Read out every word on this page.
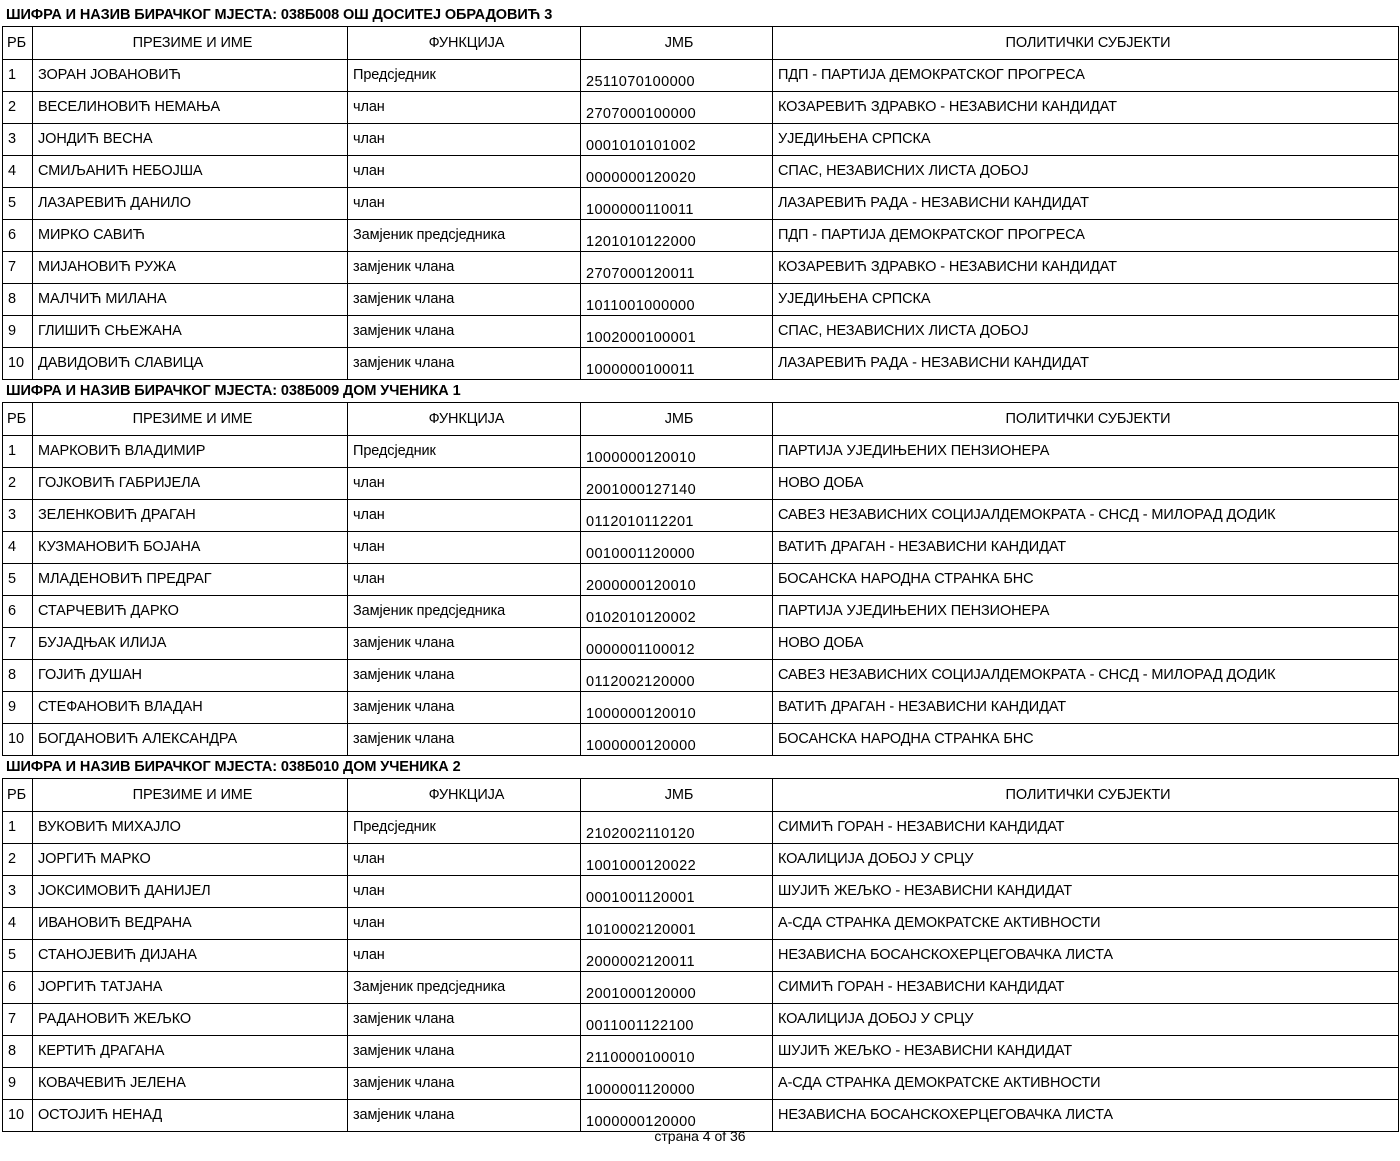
ШИФРА И НАЗИВ БИРАЧКОГ МЈЕСТА: 038Б008 ОШ ДОСИТЕЈ ОБРАДОВИЋ 3
РБ	ПРЕЗИМЕ И ИМЕ	ФУНКЦИЈА	ЈМБ	ПОЛИТИЧКИ СУБЈЕКТИ
1	ЗОРАН ЈОВАНОВИЋ	Предсједник	2511070100000	ПДП - ПАРТИЈА ДЕМОКРАТСКОГ ПРОГРЕСА
2	ВЕСЕЛИНОВИЋ НЕМАЊА	члан	2707000100000	КОЗАРЕВИЋ ЗДРАВКО - НЕЗАВИСНИ КАНДИДАТ
3	ЈОНДИЋ ВЕСНА	члан	0001010101002	УЈЕДИЊЕНА СРПСКА
4	СМИЉАНИЋ НЕБОЈША	члан	0000000120020	СПАС, НЕЗАВИСНИХ ЛИСТА ДОБОЈ
5	ЛАЗАРЕВИЋ ДАНИЛО	члан	1000000110011	ЛАЗАРЕВИЋ РАДА - НЕЗАВИСНИ КАНДИДАТ
6	МИРКО САВИЋ	Замјеник предсједника	1201010122000	ПДП - ПАРТИЈА ДЕМОКРАТСКОГ ПРОГРЕСА
7	МИЈАНОВИЋ РУЖА	замјеник члана	2707000120011	КОЗАРЕВИЋ ЗДРАВКО - НЕЗАВИСНИ КАНДИДАТ
8	МАЛЧИЋ МИЛАНА	замјеник члана	1011001000000	УЈЕДИЊЕНА СРПСКА
9	ГЛИШИЋ СЊЕЖАНА	замјеник члана	1002000100001	СПАС, НЕЗАВИСНИХ ЛИСТА ДОБОЈ
10	ДАВИДОВИЋ СЛАВИЦА	замјеник члана	1000000100011	ЛАЗАРЕВИЋ РАДА - НЕЗАВИСНИ КАНДИДАТ
ШИФРА И НАЗИВ БИРАЧКОГ МЈЕСТА: 038Б009 ДОМ УЧЕНИКА 1
РБ	ПРЕЗИМЕ И ИМЕ	ФУНКЦИЈА	ЈМБ	ПОЛИТИЧКИ СУБЈЕКТИ
1	МАРКОВИЋ ВЛАДИМИР	Предсједник	1000000120010	ПАРТИЈА УЈЕДИЊЕНИХ ПЕНЗИОНЕРА
2	ГОЈКОВИЋ ГАБРИЈЕЛА	члан	2001000127140	НОВО ДОБА
3	ЗЕЛЕНКОВИЋ ДРАГАН	члан	0112010112201	САВЕЗ НЕЗАВИСНИХ СОЦИЈАЛДЕМОКРАТА - СНСД - МИЛОРАД ДОДИК
4	КУЗМАНОВИЋ БОЈАНА	члан	0010001120000	ВАТИЋ ДРАГАН - НЕЗАВИСНИ КАНДИДАТ
5	МЛАДЕНОВИЋ ПРЕДРАГ	члан	2000000120010	БОСАНСКА НАРОДНА СТРАНКА БНС
6	СТАРЧЕВИЋ ДАРКО	Замјеник предсједника	0102010120002	ПАРТИЈА УЈЕДИЊЕНИХ ПЕНЗИОНЕРА
7	БУЈАДЊАК ИЛИЈА	замјеник члана	0000001100012	НОВО ДОБА
8	ГОЈИЋ ДУШАН	замјеник члана	0112002120000	САВЕЗ НЕЗАВИСНИХ СОЦИЈАЛДЕМОКРАТА - СНСД - МИЛОРАД ДОДИК
9	СТЕФАНОВИЋ ВЛАДАН	замјеник члана	1000000120010	ВАТИЋ ДРАГАН - НЕЗАВИСНИ КАНДИДАТ
10	БОГДАНОВИЋ АЛЕКСАНДРА	замјеник члана	1000000120000	БОСАНСКА НАРОДНА СТРАНКА БНС
ШИФРА И НАЗИВ БИРАЧКОГ МЈЕСТА: 038Б010 ДОМ УЧЕНИКА 2
РБ	ПРЕЗИМЕ И ИМЕ	ФУНКЦИЈА	ЈМБ	ПОЛИТИЧКИ СУБЈЕКТИ
1	ВУКОВИЋ МИХАЈЛО	Предсједник	2102002110120	СИМИЋ ГОРАН - НЕЗАВИСНИ КАНДИДАТ
2	ЈОРГИЋ МАРКО	члан	1001000120022	КОАЛИЦИЈА ДОБОЈ У СРЦУ
3	ЈОКСИМОВИЋ ДАНИЈЕЛ	члан	0001001120001	ШУЈИЋ ЖЕЉКО - НЕЗАВИСНИ КАНДИДАТ
4	ИВАНОВИЋ ВЕДРАНА	члан	1010002120001	А-СДА СТРАНКА ДЕМОКРАТСКЕ АКТИВНОСТИ
5	СТАНОЈЕВИЋ ДИЈАНА	члан	2000002120011	НЕЗАВИСНА БОСАНСКОХЕРЦЕГОВАЧКА ЛИСТА
6	ЈОРГИЋ ТАТЈАНА	Замјеник предсједника	2001000120000	СИМИЋ ГОРАН - НЕЗАВИСНИ КАНДИДАТ
7	РАДАНОВИЋ ЖЕЉКО	замјеник члана	0011001122100	КОАЛИЦИЈА ДОБОЈ У СРЦУ
8	КЕРТИЋ ДРАГАНА	замјеник члана	2110000100010	ШУЈИЋ ЖЕЉКО - НЕЗАВИСНИ КАНДИДАТ
9	КОВАЧЕВИЋ ЈЕЛЕНА	замјеник члана	1000001120000	А-СДА СТРАНКА ДЕМОКРАТСКЕ АКТИВНОСТИ
10	ОСТОЈИЋ НЕНАД	замјеник члана	1000000120000	НЕЗАВИСНА БОСАНСКОХЕРЦЕГОВАЧКА ЛИСТА
страна 4 of 36
